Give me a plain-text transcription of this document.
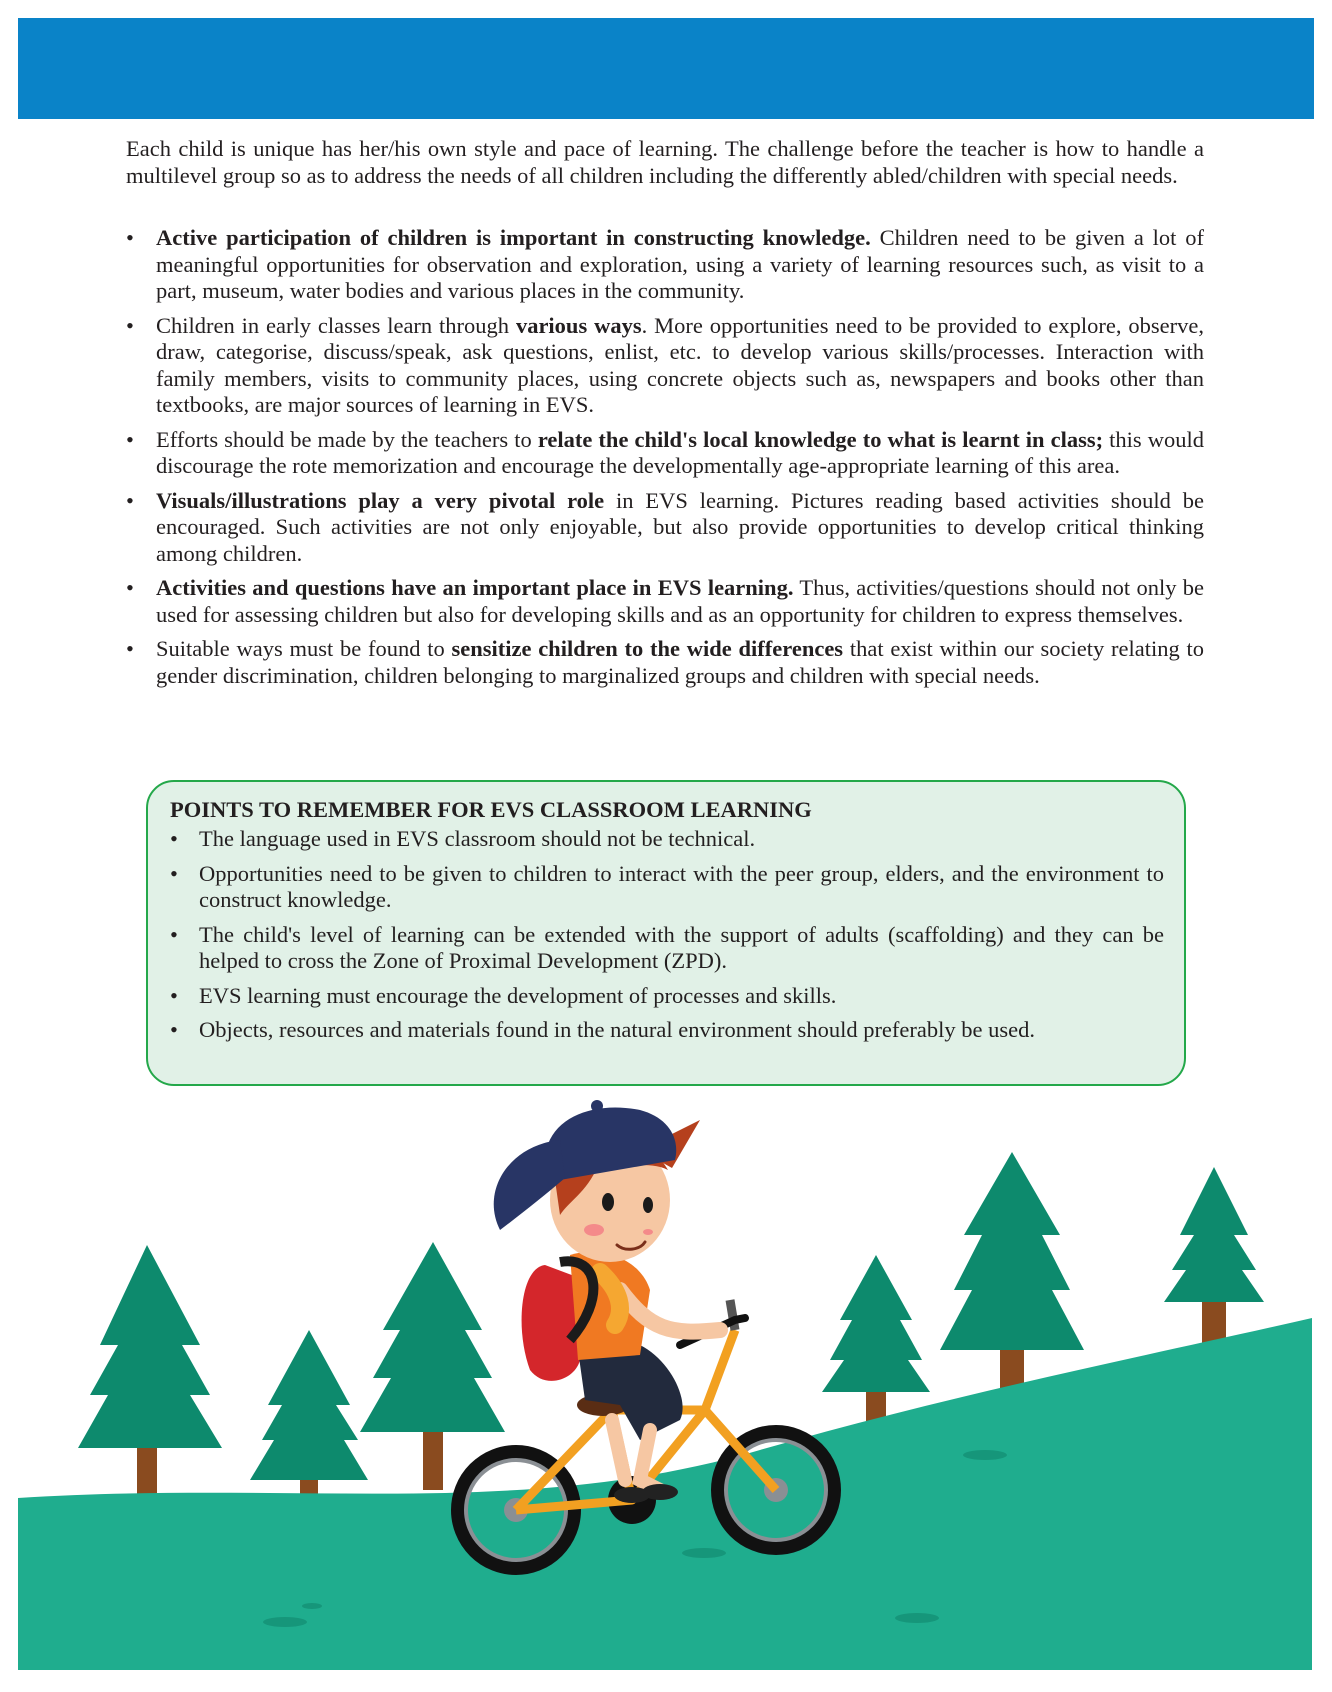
Each child is unique has her/his own style and pace of learning. The challenge before the teacher is how to handle a multilevel group so as to address the needs of all children including the differently abled/children with special needs.

• Active participation of children is important in constructing knowledge. Children need to be given a lot of meaningful opportunities for observation and exploration, using a variety of learning resources such, as visit to a part, museum, water bodies and various places in the community.
• Children in early classes learn through various ways. More opportunities need to be provided to explore, observe, draw, categorise, discuss/speak, ask questions, enlist, etc. to develop various skills/processes. Interaction with family members, visits to community places, using concrete objects such as, newspapers and books other than textbooks, are major sources of learning in EVS.
• Efforts should be made by the teachers to relate the child's local knowledge to what is learnt in class; this would discourage the rote memorization and encourage the developmentally age-appropriate learning of this area.
• Visuals/illustrations play a very pivotal role in EVS learning. Pictures reading based activities should be encouraged. Such activities are not only enjoyable, but also provide opportunities to develop critical thinking among children.
• Activities and questions have an important place in EVS learning. Thus, activities/questions should not only be used for assessing children but also for developing skills and as an opportunity for children to express themselves.
• Suitable ways must be found to sensitize children to the wide differences that exist within our society relating to gender discrimination, children belonging to marginalized groups and children with special needs.

POINTS TO REMEMBER FOR EVS CLASSROOM LEARNING

• The language used in EVS classroom should not be technical.
• Opportunities need to be given to children to interact with the peer group, elders, and the environment to construct knowledge.
• The child's level of learning can be extended with the support of adults (scaffolding) and they can be helped to cross the Zone of Proximal Development (ZPD).
• EVS learning must encourage the development of processes and skills.
• Objects, resources and materials found in the natural environment should preferably be used.
